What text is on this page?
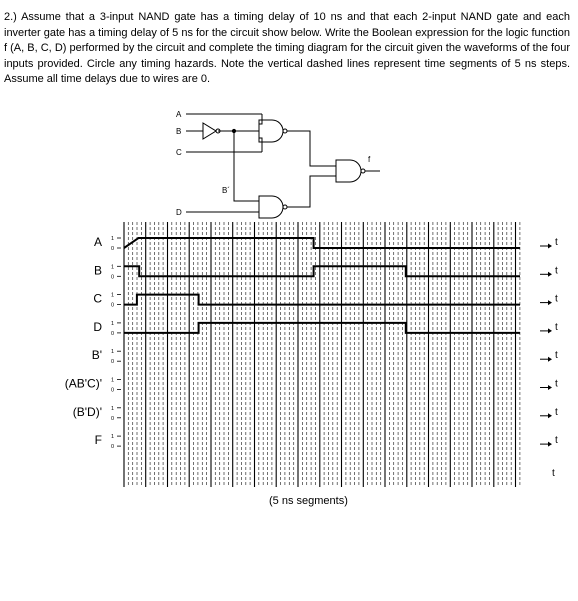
2.) Assume that a 3-input NAND gate has a timing delay of 10 ns and that each 2-input NAND gate and each inverter gate has a timing delay of 5 ns for the circuit show below. Write the Boolean expression for the logic function f (A, B, C, D) performed by the circuit and complete the timing diagram for the circuit given the waveforms of the four inputs provided. Circle any timing hazards. Note the vertical dashed lines represent time segments of 5 ns steps. Assume all time delays due to wires are 0.

A
B
C
D
B´
f
A 1
0
t
B 1
0
t
C 1
0
t
D 1
0
t
B' 1
0
t
(AB'C)' 1
0
t
(B'D)' 1
0
t
F 1
0
t
t
(5 ns segments)
